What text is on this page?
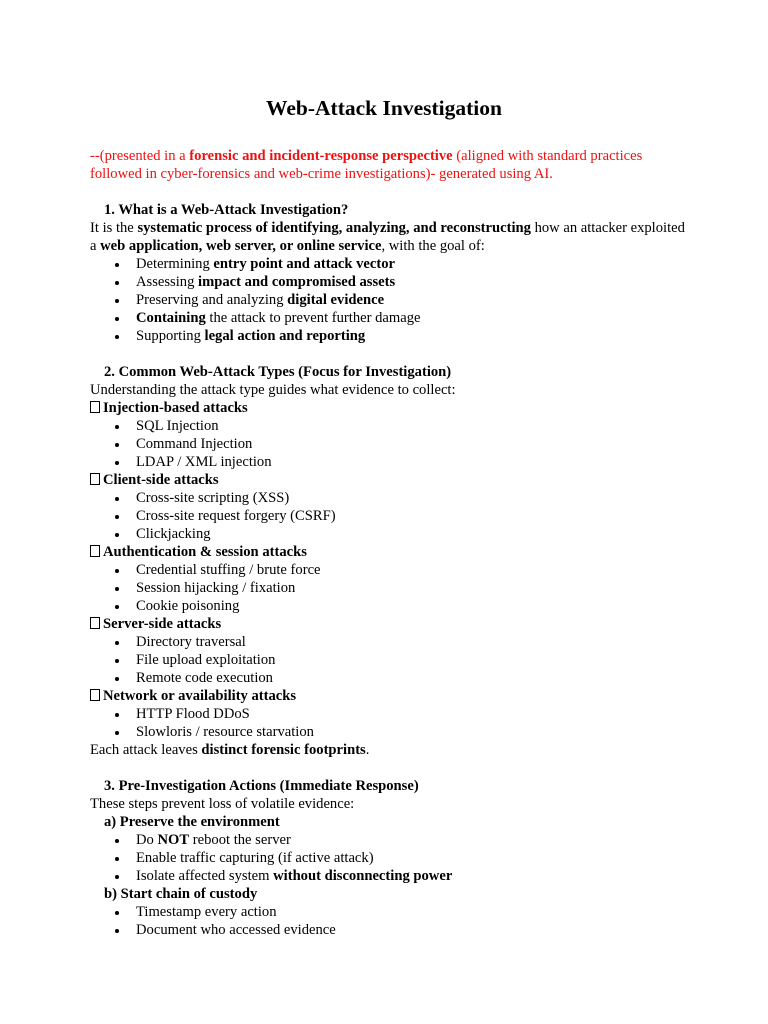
Web-Attack Investigation

--(presented in a forensic and incident-response perspective (aligned with standard practices followed in cyber-forensics and web-crime investigations)- generated using AI.

1. What is a Web-Attack Investigation?

It is the systematic process of identifying, analyzing, and reconstructing how an attacker exploited a web application, web server, or online service, with the goal of:

Determining entry point and attack vector
Assessing impact and compromised assets
Preserving and analyzing digital evidence
Containing the attack to prevent further damage
Supporting legal action and reporting

2. Common Web-Attack Types (Focus for Investigation)

Understanding the attack type guides what evidence to collect:

Injection-based attacks

SQL Injection
Command Injection
LDAP / XML injection

Client-side attacks

Cross-site scripting (XSS)
Cross-site request forgery (CSRF)
Clickjacking

Authentication & session attacks

Credential stuffing / brute force
Session hijacking / fixation
Cookie poisoning

Server-side attacks

Directory traversal
File upload exploitation
Remote code execution

Network or availability attacks

HTTP Flood DDoS
Slowloris / resource starvation

Each attack leaves distinct forensic footprints.

3. Pre-Investigation Actions (Immediate Response)

These steps prevent loss of volatile evidence:

a) Preserve the environment

Do NOT reboot the server
Enable traffic capturing (if active attack)
Isolate affected system without disconnecting power

b) Start chain of custody

Timestamp every action
Document who accessed evidence
